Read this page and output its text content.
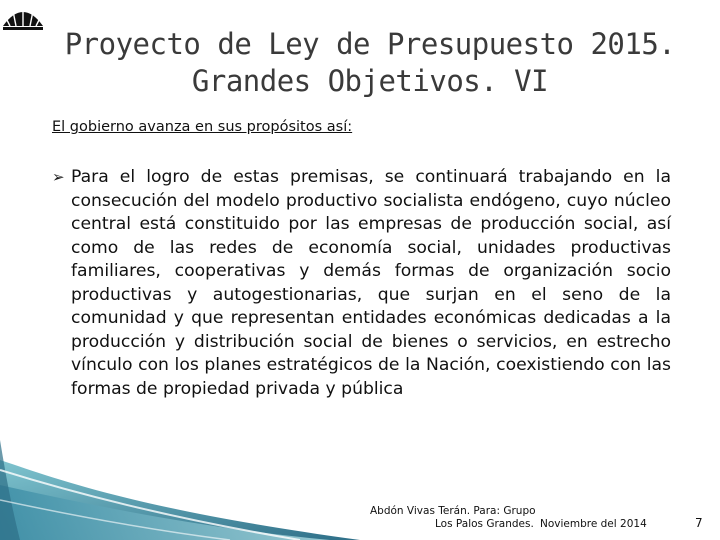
Proyecto de Ley de Presupuesto 2015.
Grandes Objetivos. VI
El gobierno avanza en sus propósitos así:
➢ Para el logro de estas premisas, se continuará trabajando en la consecución del modelo productivo socialista endógeno, cuyo núcleo central está constituido por las empresas de producción social, así como de las redes de economía social, unidades productivas familiares, cooperativas y demás formas de organización socio productivas y autogestionarias, que surjan en el seno de la comunidad y que representan entidades económicas dedicadas a la producción y distribución social de bienes o servicios, en estrecho vínculo con los planes estratégicos de la Nación, coexistiendo con las formas de propiedad privada y pública
Abdón Vivas Terán. Para: Grupo
Los Palos Grandes. Noviembre del 2014	7
